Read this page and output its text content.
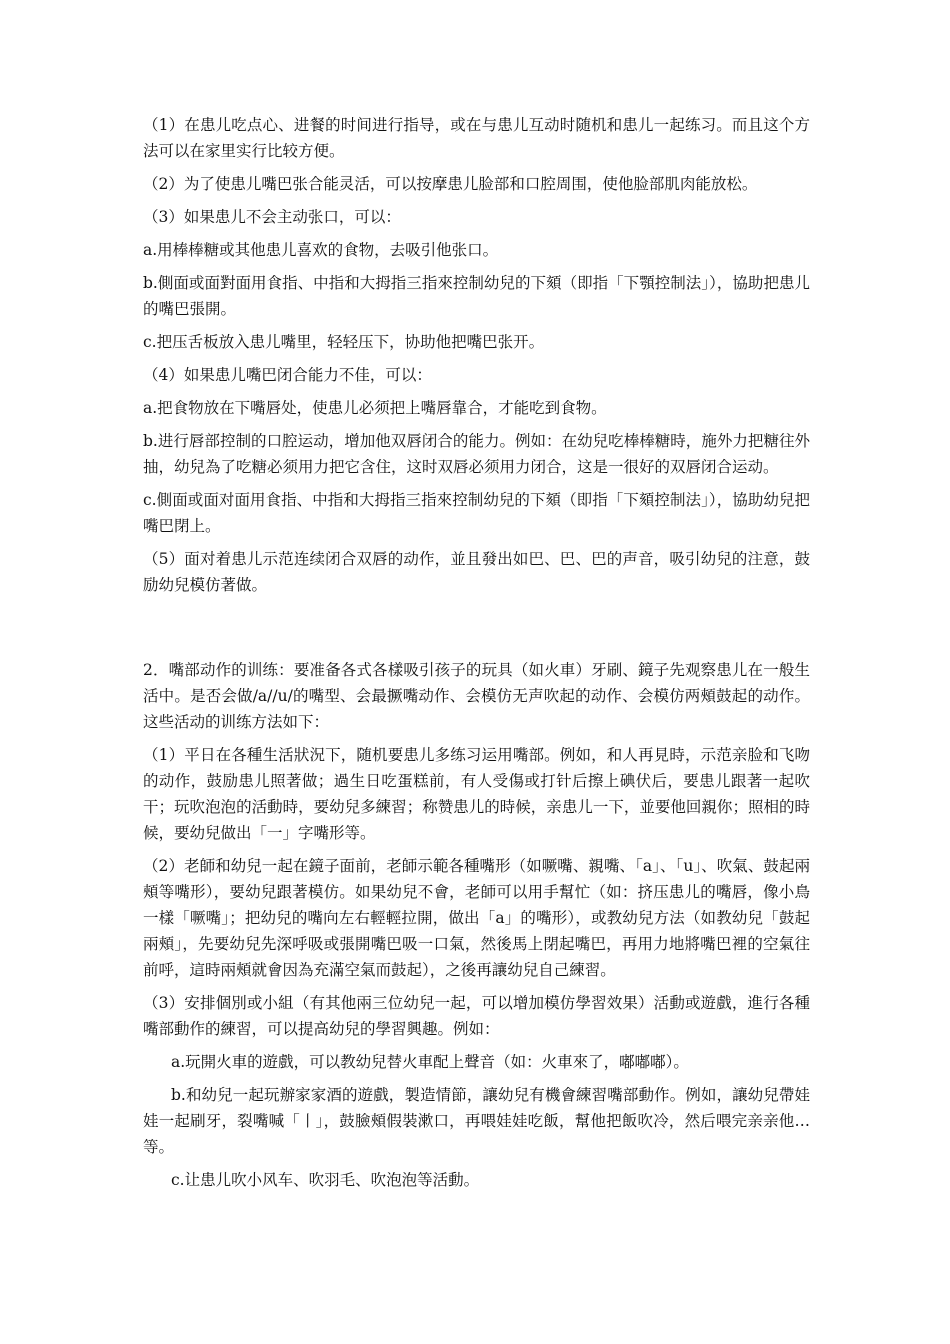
（1）在患儿吃点心、进餐的时间进行指导，或在与患儿互动时随机和患儿一起练习。而且这个方法可以在家里实行比较方便。

（2）为了使患儿嘴巴张合能灵活，可以按摩患儿脸部和口腔周围，使他脸部肌肉能放松。

（3）如果患儿不会主动张口，可以：

a.用棒棒糖或其他患儿喜欢的食物，去吸引他张口。

b.側面或面對面用食指、中指和大拇指三指來控制幼兒的下頦（即指「下顎控制法」），協助把患儿的嘴巴張開。

c.把压舌板放入患儿嘴里，轻轻压下，协助他把嘴巴张开。

（4）如果患儿嘴巴闭合能力不佳，可以：

a.把食物放在下嘴唇处，使患儿必须把上嘴唇靠合，才能吃到食物。

b.进行唇部控制的口腔运动，增加他双唇闭合的能力。例如：在幼兒吃棒棒糖時，施外力把糖往外抽，幼兒為了吃糖必须用力把它含住，这时双唇必须用力闭合，这是一很好的双唇闭合运动。

c.側面或面对面用食指、中指和大拇指三指來控制幼兒的下頦（即指「下頦控制法」），協助幼兒把嘴巴閉上。

（5）面对着患儿示范连续闭合双唇的动作，並且發出如巴、巴、巴的声音，吸引幼兒的注意，鼓励幼兒模仿著做。

2．嘴部动作的训练：要准备各式各樣吸引孩子的玩具（如火車）牙刷、鏡子先观察患儿在一般生活中。是否会做/a//u/的嘴型、会最撅嘴动作、会模仿无声吹起的动作、会模仿两頰鼓起的动作。这些活动的训练方法如下：

（1）平日在各種生活狀況下，随机要患儿多练习运用嘴部。例如，和人再見時，示范亲脸和飞吻的动作，鼓励患儿照著做；過生日吃蛋糕前，有人受傷或打针后擦上碘伏后，要患儿跟著一起吹干；玩吹泡泡的活動時，要幼兒多練習；称赞患儿的時候，亲患儿一下，並要他回親你；照相的時候，要幼兒做出「一」字嘴形等。

（2）老師和幼兒一起在鏡子面前，老師示範各種嘴形（如噘嘴、親嘴、「a」、「u」、吹氣、鼓起兩頰等嘴形），要幼兒跟著模仿。如果幼兒不會，老師可以用手幫忙（如：挤压患儿的嘴唇，像小鳥一樣「噘嘴」；把幼兒的嘴向左右輕輕拉開，做出「a」的嘴形），或教幼兒方法（如教幼兒「鼓起兩頰」，先要幼兒先深呼吸或張開嘴巴吸一口氣，然後馬上閉起嘴巴，再用力地將嘴巴裡的空氣往前呼，這時兩頰就會因為充滿空氣而鼓起），之後再讓幼兒自己練習。

（3）安排個別或小組（有其他兩三位幼兒一起，可以增加模仿學習效果）活動或遊戲，進行各種嘴部動作的練習，可以提高幼兒的學習興趣。例如：

a.玩開火車的遊戲，可以教幼兒替火車配上聲音（如：火車來了，嘟嘟嘟）。

b.和幼兒一起玩辦家家酒的遊戲，製造情節，讓幼兒有機會練習嘴部動作。例如，讓幼兒帶娃娃一起刷牙，裂嘴喊「丨」，鼓臉頰假裝漱口，再喂娃娃吃飯，幫他把飯吹冷，然后喂完亲亲他…等。

c.让患儿吹小风车、吹羽毛、吹泡泡等活動。
